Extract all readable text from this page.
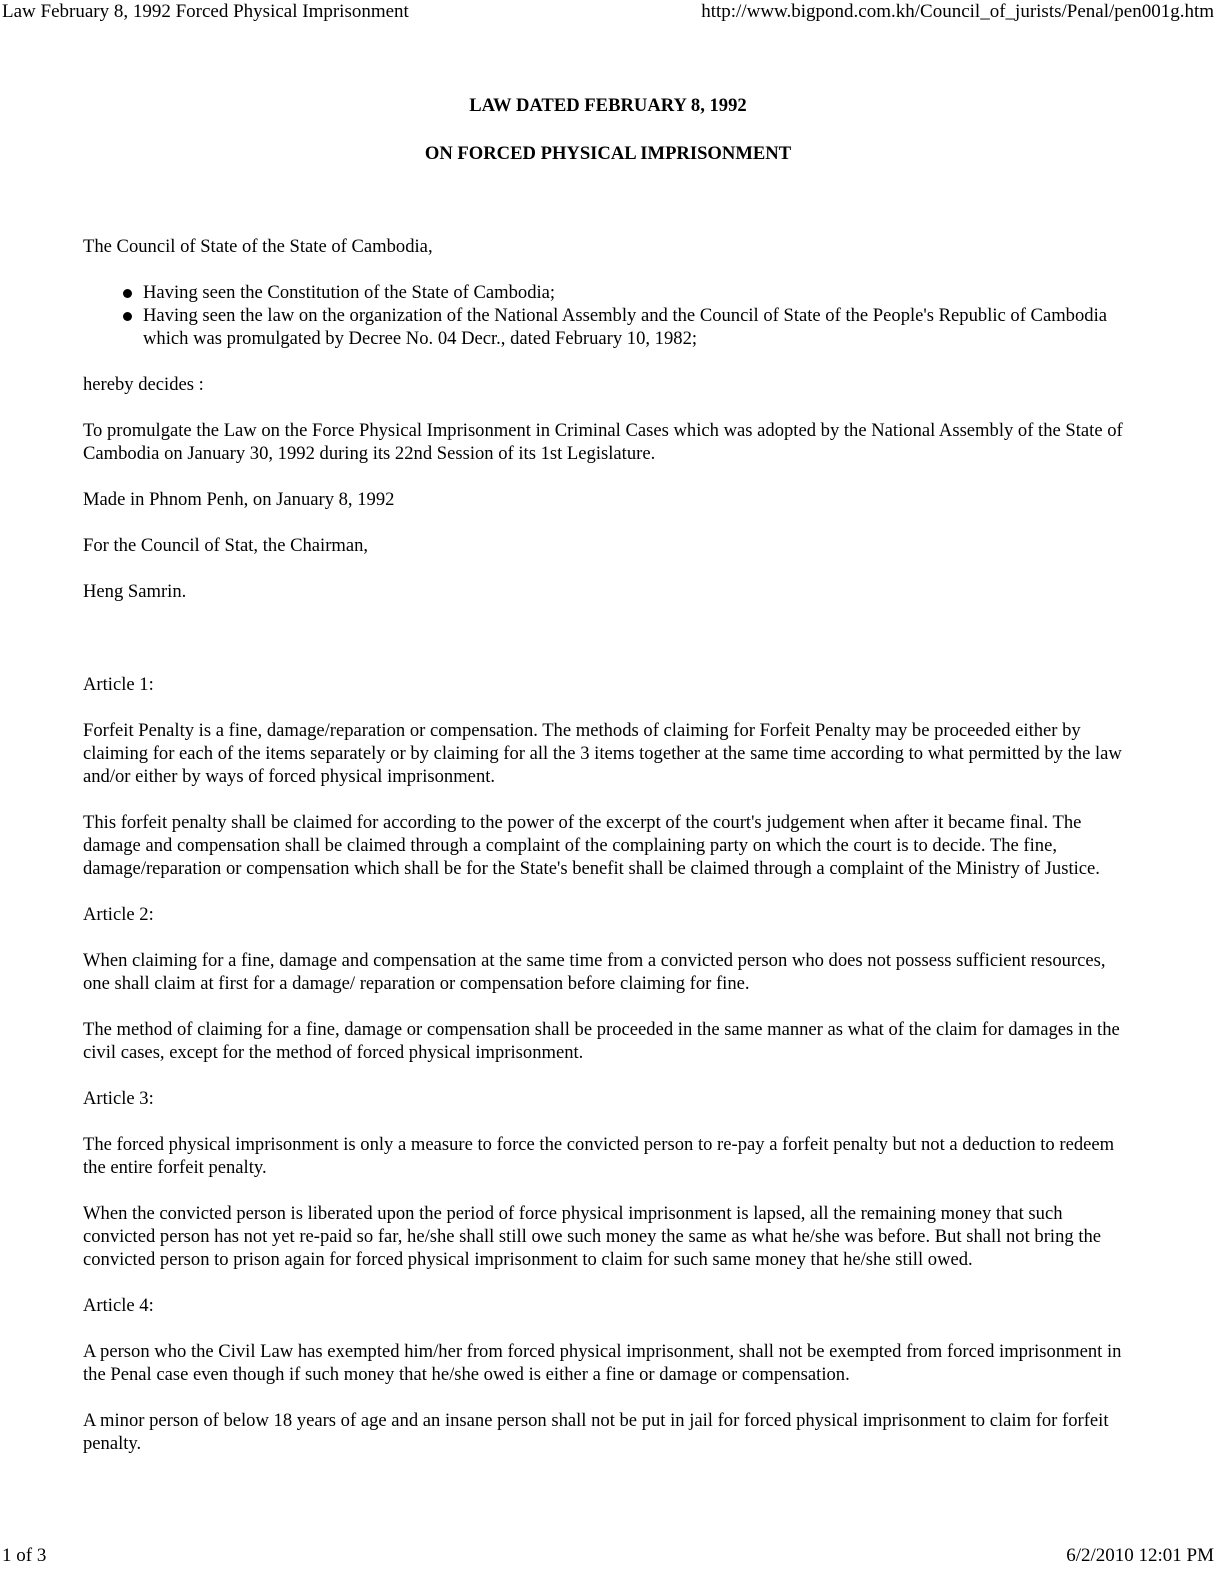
Law February 8, 1992 Forced Physical Imprisonment	http://www.bigpond.com.kh/Council_of_jurists/Penal/pen001g.htm
LAW DATED FEBRUARY 8, 1992
ON FORCED PHYSICAL IMPRISONMENT

The Council of State of the State of Cambodia,

Having seen the Constitution of the State of Cambodia;
Having seen the law on the organization of the National Assembly and the Council of State of the People's Republic of Cambodia which was promulgated by Decree No. 04 Decr., dated February 10, 1982;

hereby decides :

To promulgate the Law on the Force Physical Imprisonment in Criminal Cases which was adopted by the National Assembly of the State of Cambodia on January 30, 1992 during its 22nd Session of its 1st Legislature.

Made in Phnom Penh, on January 8, 1992

For the Council of Stat, the Chairman,

Heng Samrin.

Article 1:

Forfeit Penalty is a fine, damage/reparation or compensation. The methods of claiming for Forfeit Penalty may be proceeded either by claiming for each of the items separately or by claiming for all the 3 items together at the same time according to what permitted by the law and/or either by ways of forced physical imprisonment.

This forfeit penalty shall be claimed for according to the power of the excerpt of the court's judgement when after it became final. The damage and compensation shall be claimed through a complaint of the complaining party on which the court is to decide. The fine, damage/reparation or compensation which shall be for the State's benefit shall be claimed through a complaint of the Ministry of Justice.

Article 2:

When claiming for a fine, damage and compensation at the same time from a convicted person who does not possess sufficient resources, one shall claim at first for a damage/ reparation or compensation before claiming for fine.

The method of claiming for a fine, damage or compensation shall be proceeded in the same manner as what of the claim for damages in the civil cases, except for the method of forced physical imprisonment.

Article 3:

The forced physical imprisonment is only a measure to force the convicted person to re-pay a forfeit penalty but not a deduction to redeem the entire forfeit penalty.

When the convicted person is liberated upon the period of force physical imprisonment is lapsed, all the remaining money that such convicted person has not yet re-paid so far, he/she shall still owe such money the same as what he/she was before. But shall not bring the convicted person to prison again for forced physical imprisonment to claim for such same money that he/she still owed.

Article 4:

A person who the Civil Law has exempted him/her from forced physical imprisonment, shall not be exempted from forced imprisonment in the Penal case even though if such money that he/she owed is either a fine or damage or compensation.

A minor person of below 18 years of age and an insane person shall not be put in jail for forced physical imprisonment to claim for forfeit penalty.

1 of 3	6/2/2010 12:01 PM
